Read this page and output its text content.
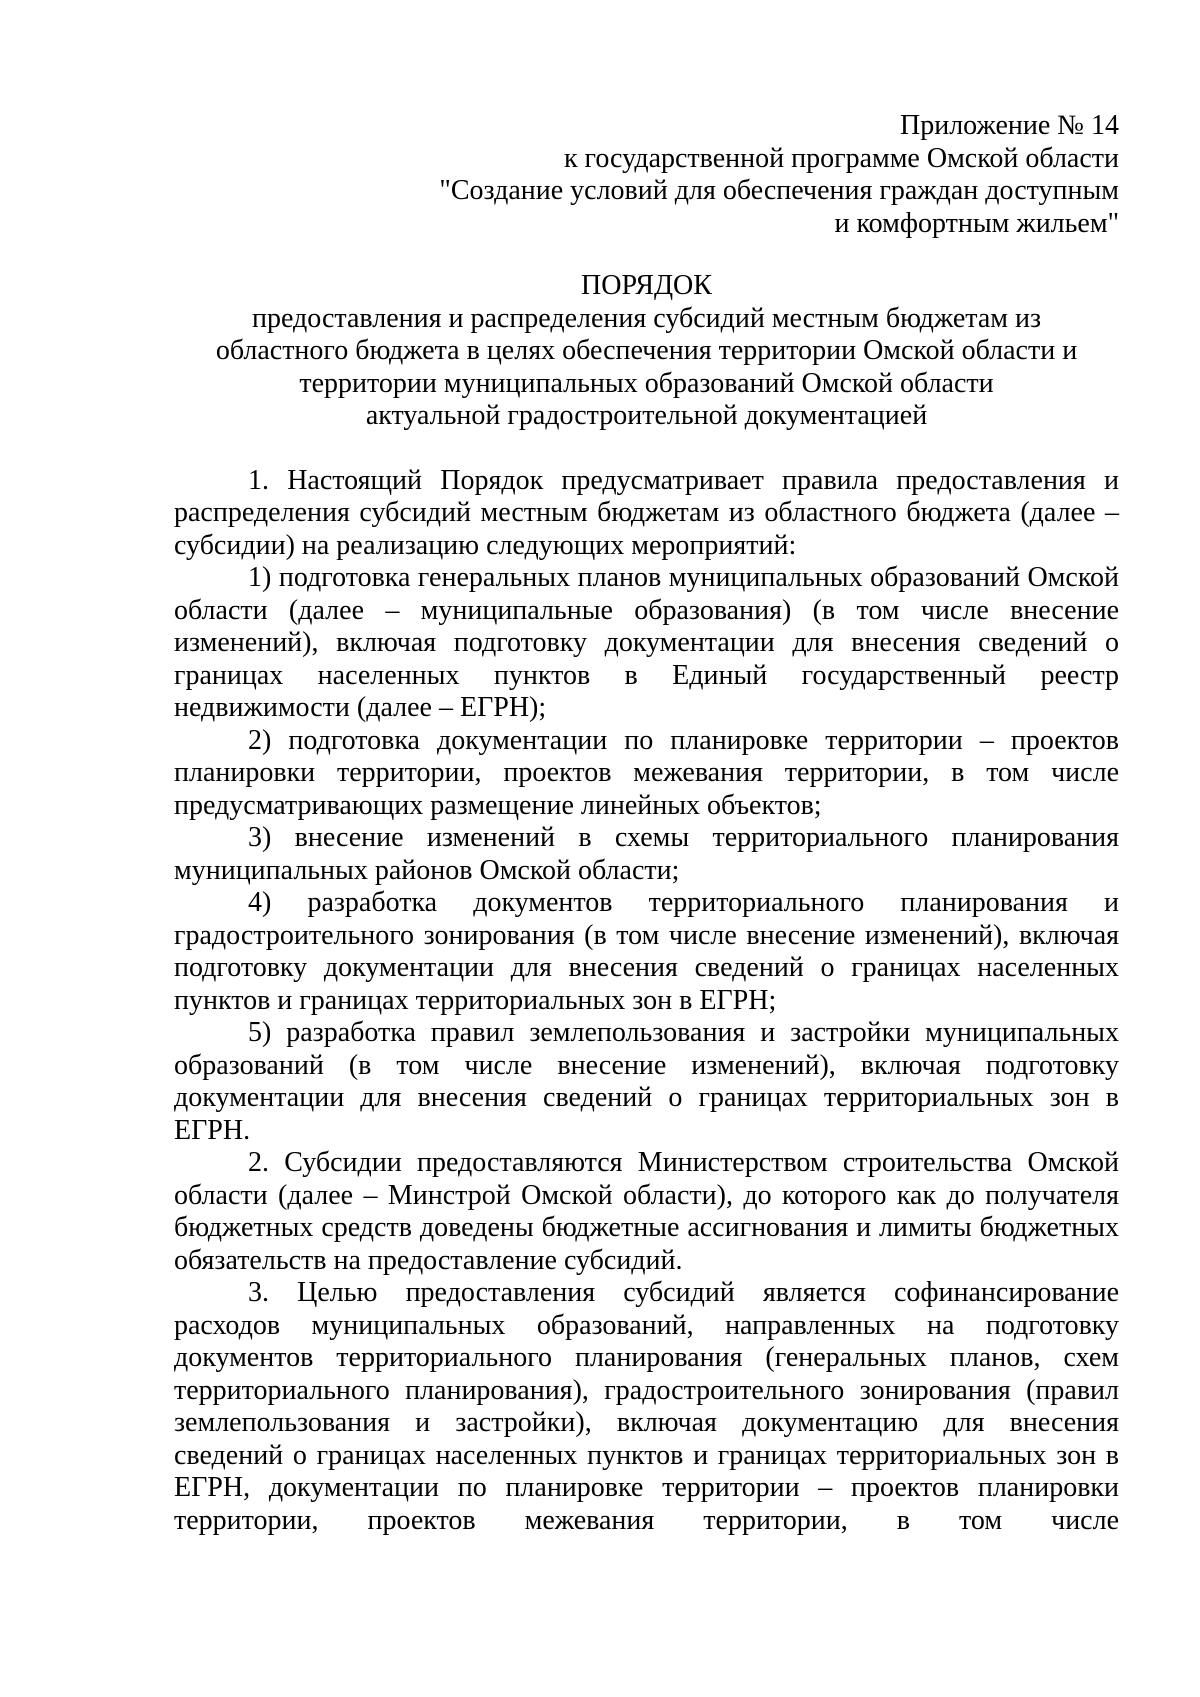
Приложение № 14
к государственной программе Омской области
"Создание условий для обеспечения граждан доступным
и комфортным жильем"
ПОРЯДОК
предоставления и распределения субсидий местным бюджетам из
областного бюджета в целях обеспечения территории Омской области и
территории муниципальных образований Омской области
актуальной градостроительной документацией

1. Настоящий Порядок предусматривает правила предоставления и распределения субсидий местным бюджетам из областного бюджета (далее – субсидии) на реализацию следующих мероприятий:

1) подготовка генеральных планов муниципальных образований Омской области (далее – муниципальные образования) (в том числе внесение изменений), включая подготовку документации для внесения сведений о границах населенных пунктов в Единый государственный реестр недвижимости (далее – ЕГРН);

2) подготовка документации по планировке территории – проектов планировки территории, проектов межевания территории, в том числе предусматривающих размещение линейных объектов;

3) внесение изменений в схемы территориального планирования муниципальных районов Омской области;

4) разработка документов территориального планирования и градостроительного зонирования (в том числе внесение изменений), включая подготовку документации для внесения сведений о границах населенных пунктов и границах территориальных зон в ЕГРН;

5) разработка правил землепользования и застройки муниципальных образований (в том числе внесение изменений), включая подготовку документации для внесения сведений о границах территориальных зон в ЕГРН.

2. Субсидии предоставляются Министерством строительства Омской области (далее – Минстрой Омской области), до которого как до получателя бюджетных средств доведены бюджетные ассигнования и лимиты бюджетных обязательств на предоставление субсидий.

3. Целью предоставления субсидий является софинансирование расходов муниципальных образований, направленных на подготовку документов территориального планирования (генеральных планов, схем территориального планирования), градостроительного зонирования (правил землепользования и застройки), включая документацию для внесения сведений о границах населенных пунктов и границах территориальных зон в ЕГРН, документации по планировке территории – проектов планировки территории, проектов межевания территории, в том числе
